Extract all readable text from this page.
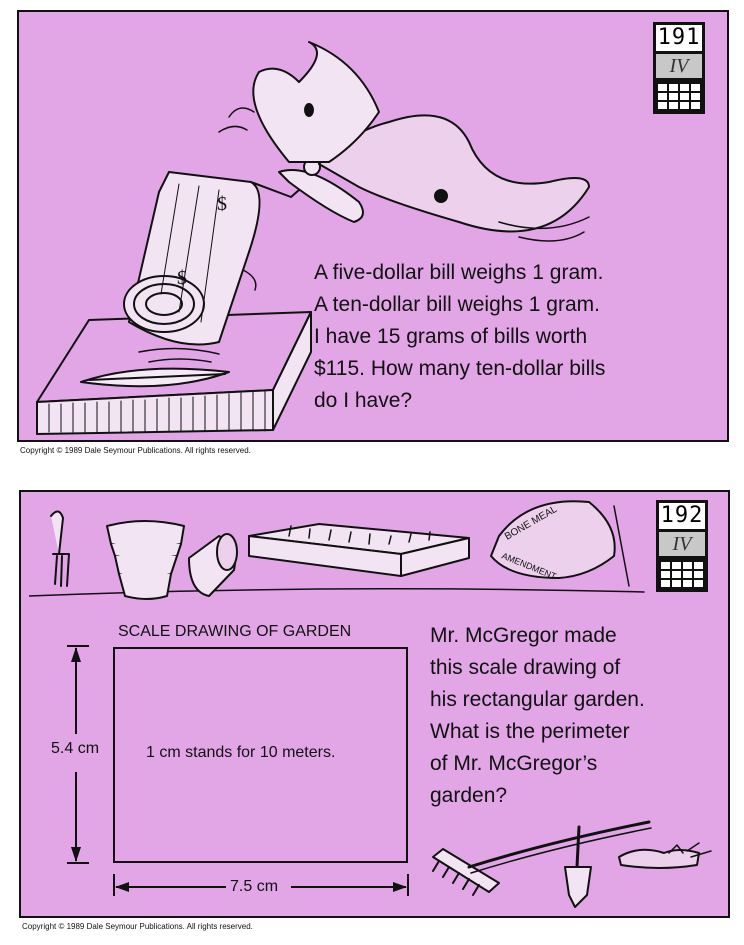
191
IV
$
$	A five-dollar bill weighs 1 gram.
A ten-dollar bill weighs 1 gram.
I have 15 grams of bills worth
$115. How many ten-dollar bills
do I have?
Copyright © 1989 Dale Seymour Publications. All rights reserved.
192
IV
BONE MEAL
AMENDMENT
SCALE DRAWING OF GARDEN
1 cm stands for 10 meters.
5.4 cm
7.5 cm
Mr. McGregor made
this scale drawing of
his rectangular garden.
What is the perimeter
of Mr. McGregor’s
garden?
Copyright © 1989 Dale Seymour Publications. All rights reserved.
